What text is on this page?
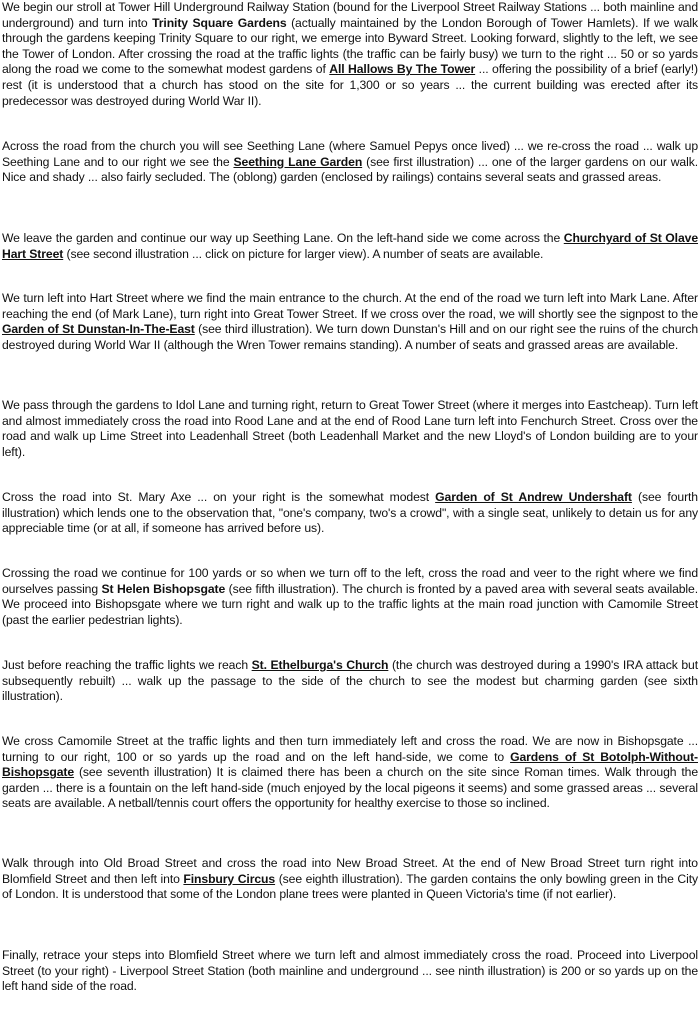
We begin our stroll at Tower Hill Underground Railway Station (bound for the Liverpool Street Railway Stations ... both mainline and underground) and turn into Trinity Square Gardens (actually maintained by the London Borough of Tower Hamlets). If we walk through the gardens keeping Trinity Square to our right, we emerge into Byward Street. Looking forward, slightly to the left, we see the Tower of London. After crossing the road at the traffic lights (the traffic can be fairly busy) we turn to the right ... 50 or so yards along the road we come to the somewhat modest gardens of All Hallows By The Tower ... offering the possibility of a brief (early!) rest (it is understood that a church has stood on the site for 1,300 or so years ... the current building was erected after its predecessor was destroyed during World War II).

Across the road from the church you will see Seething Lane (where Samuel Pepys once lived) ... we re-cross the road ... walk up Seething Lane and to our right we see the Seething Lane Garden (see first illustration) ... one of the larger gardens on our walk. Nice and shady ... also fairly secluded. The (oblong) garden (enclosed by railings) contains several seats and grassed areas.

We leave the garden and continue our way up Seething Lane. On the left-hand side we come across the Churchyard of St Olave Hart Street (see second illustration ... click on picture for larger view). A number of seats are available.

We turn left into Hart Street where we find the main entrance to the church. At the end of the road we turn left into Mark Lane. After reaching the end (of Mark Lane), turn right into Great Tower Street. If we cross over the road, we will shortly see the signpost to the Garden of St Dunstan-In-The-East (see third illustration). We turn down Dunstan's Hill and on our right see the ruins of the church destroyed during World War II (although the Wren Tower remains standing). A number of seats and grassed areas are available.

We pass through the gardens to Idol Lane and turning right, return to Great Tower Street (where it merges into Eastcheap). Turn left and almost immediately cross the road into Rood Lane and at the end of Rood Lane turn left into Fenchurch Street. Cross over the road and walk up Lime Street into Leadenhall Street (both Leadenhall Market and the new Lloyd's of London building are to your left).

Cross the road into St. Mary Axe ... on your right is the somewhat modest Garden of St Andrew Undershaft (see fourth illustration) which lends one to the observation that, "one's company, two's a crowd", with a single seat, unlikely to detain us for any appreciable time (or at all, if someone has arrived before us).

Crossing the road we continue for 100 yards or so when we turn off to the left, cross the road and veer to the right where we find ourselves passing St Helen Bishopsgate (see fifth illustration). The church is fronted by a paved area with several seats available. We proceed into Bishopsgate where we turn right and walk up to the traffic lights at the main road junction with Camomile Street (past the earlier pedestrian lights).

Just before reaching the traffic lights we reach St. Ethelburga's Church (the church was destroyed during a 1990's IRA attack but subsequently rebuilt) ... walk up the passage to the side of the church to see the modest but charming garden (see sixth illustration).

We cross Camomile Street at the traffic lights and then turn immediately left and cross the road. We are now in Bishopsgate ... turning to our right, 100 or so yards up the road and on the left hand-side, we come to Gardens of St Botolph-Without-Bishopsgate (see seventh illustration) It is claimed there has been a church on the site since Roman times. Walk through the garden ... there is a fountain on the left hand-side (much enjoyed by the local pigeons it seems) and some grassed areas ... several seats are available. A netball/tennis court offers the opportunity for healthy exercise to those so inclined.

Walk through into Old Broad Street and cross the road into New Broad Street. At the end of New Broad Street turn right into Blomfield Street and then left into Finsbury Circus (see eighth illustration). The garden contains the only bowling green in the City of London. It is understood that some of the London plane trees were planted in Queen Victoria's time (if not earlier).

Finally, retrace your steps into Blomfield Street where we turn left and almost immediately cross the road. Proceed into Liverpool Street (to your right) - Liverpool Street Station (both mainline and underground ... see ninth illustration) is 200 or so yards up on the left hand side of the road.
